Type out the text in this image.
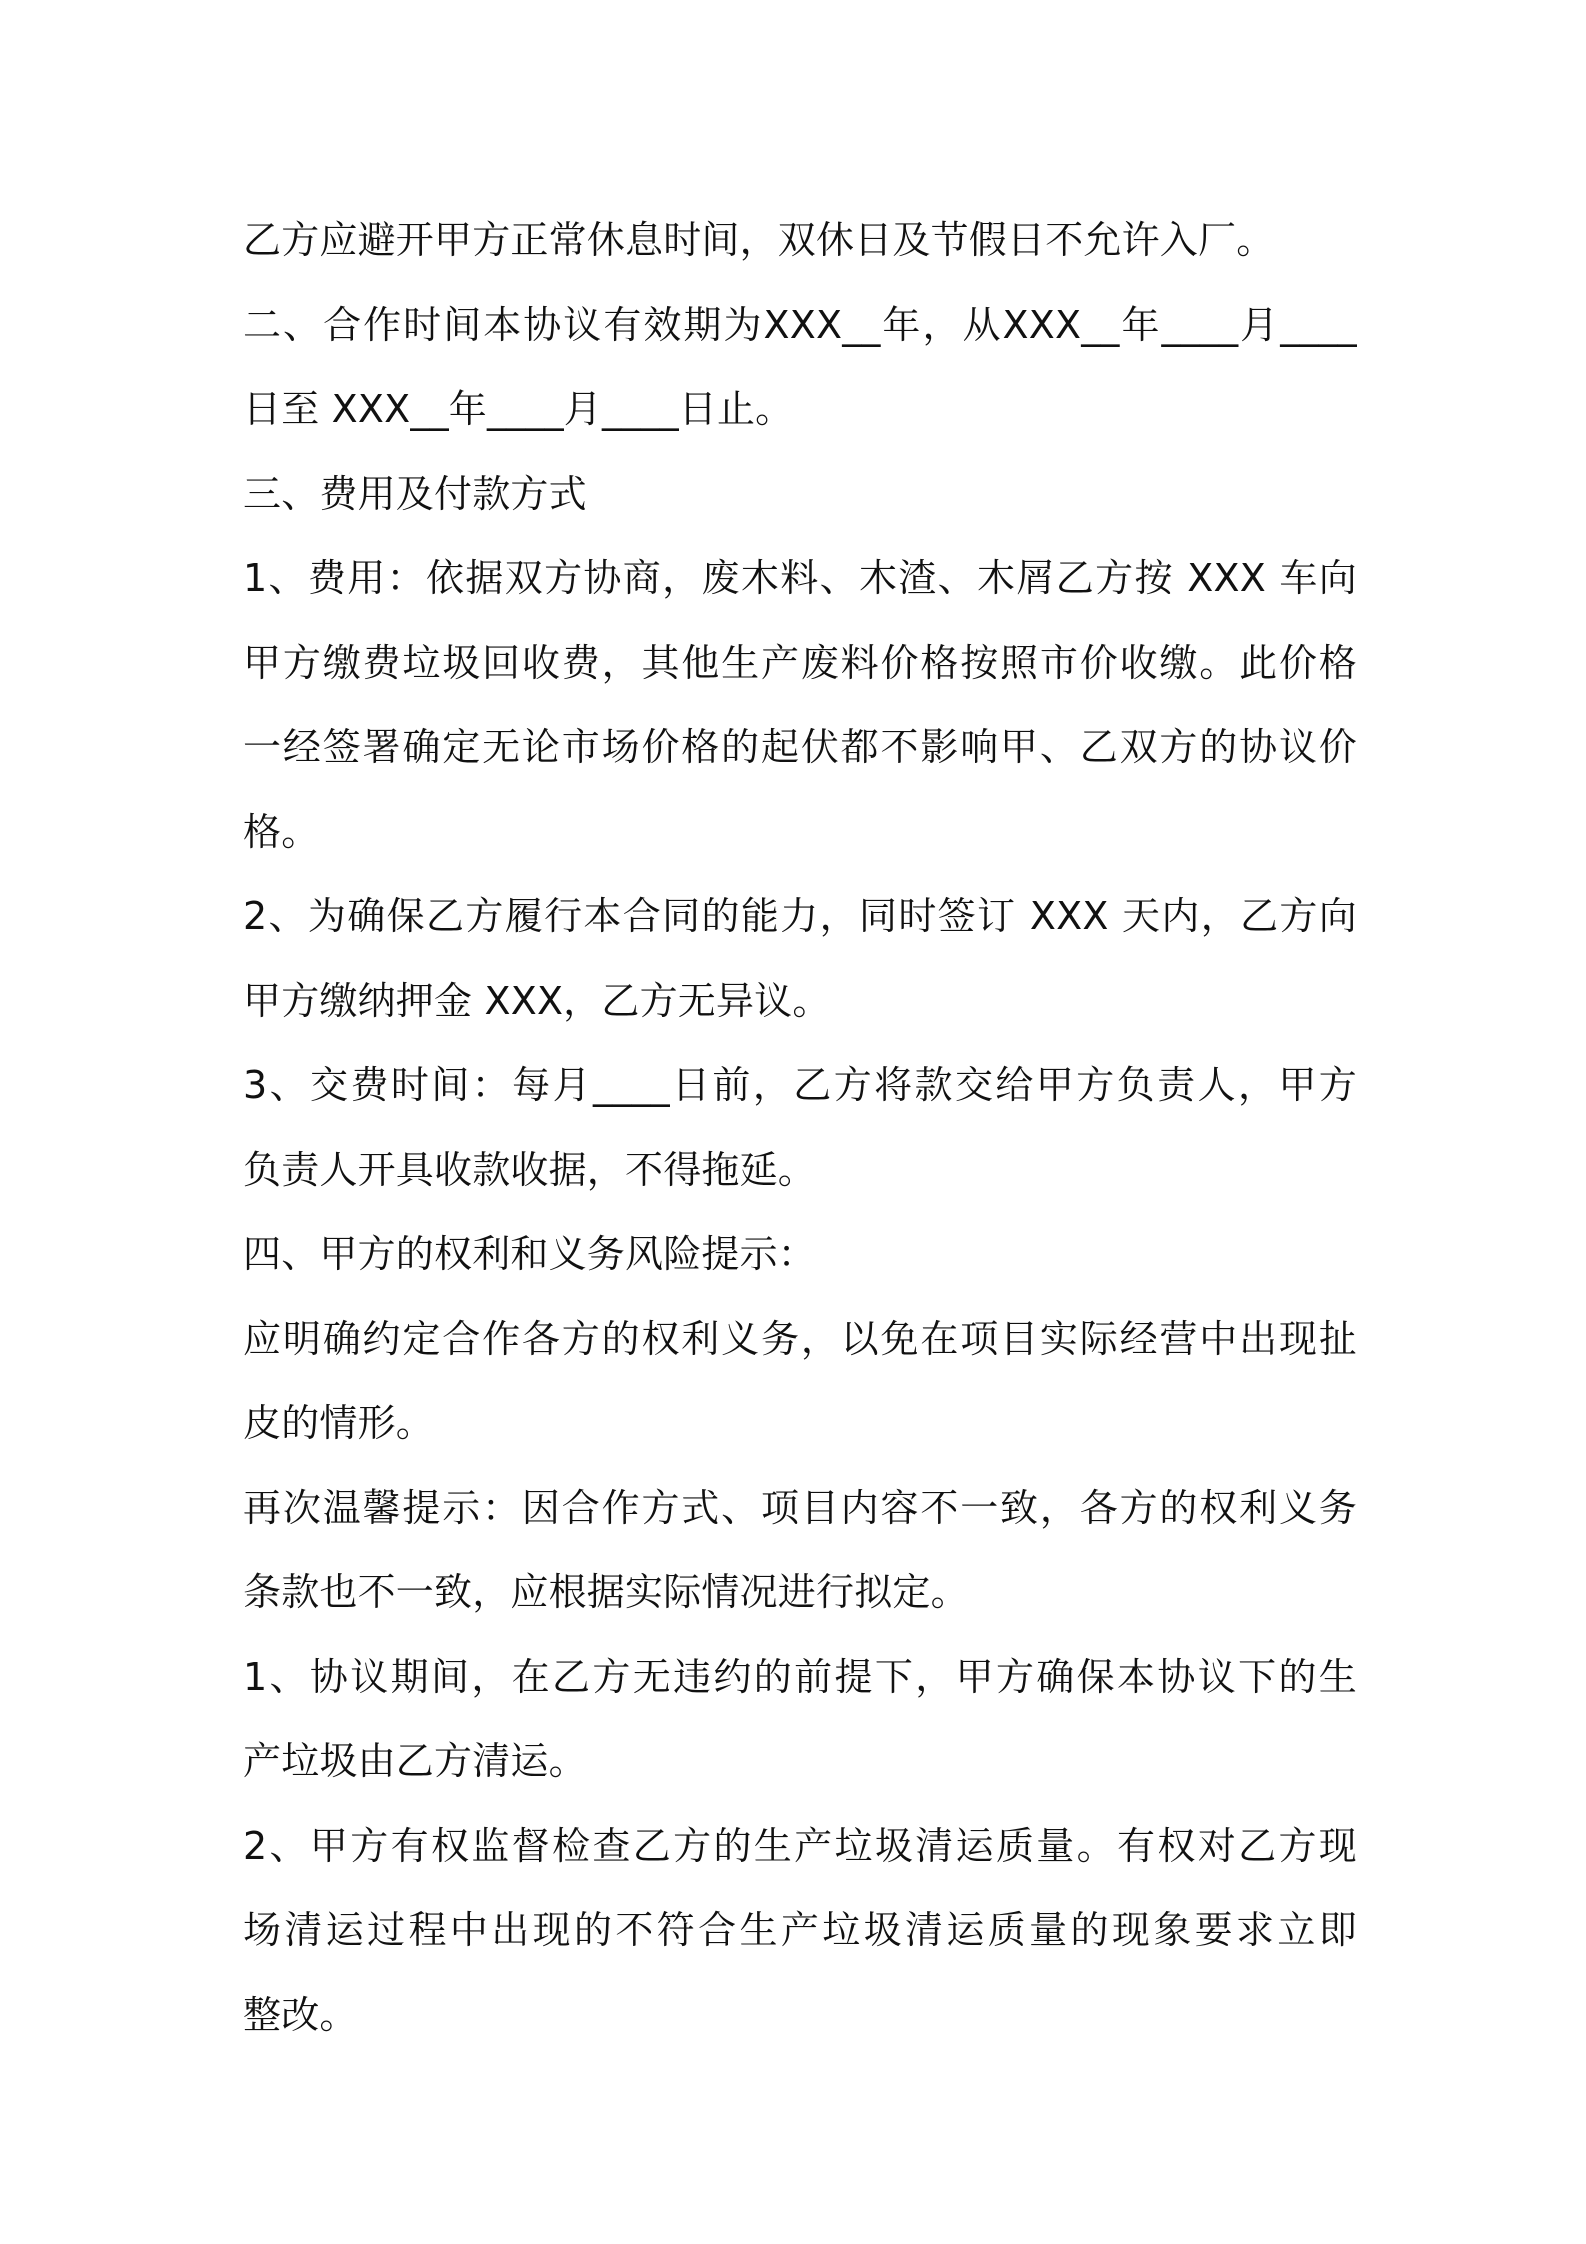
乙方应避开甲方正常休息时间，双休日及节假日不允许入厂。
二、合作时间本协议有效期为XXX__年，从XXX__年____月____
日至 XXX__年____月____日止。
三、费用及付款方式
1、费用：依据双方协商，废木料、木渣、木屑乙方按 XXX 车向
甲方缴费垃圾回收费，其他生产废料价格按照市价收缴。此价格
一经签署确定无论市场价格的起伏都不影响甲、乙双方的协议价
格。
2、为确保乙方履行本合同的能力，同时签订 XXX 天内，乙方向
甲方缴纳押金 XXX，乙方无异议。
3、交费时间：每月____日前，乙方将款交给甲方负责人，甲方
负责人开具收款收据，不得拖延。
四、甲方的权利和义务风险提示：
应明确约定合作各方的权利义务，以免在项目实际经营中出现扯
皮的情形。
再次温馨提示：因合作方式、项目内容不一致，各方的权利义务
条款也不一致，应根据实际情况进行拟定。
1、协议期间，在乙方无违约的前提下，甲方确保本协议下的生
产垃圾由乙方清运。
2、甲方有权监督检查乙方的生产垃圾清运质量。有权对乙方现
场清运过程中出现的不符合生产垃圾清运质量的现象要求立即
整改。
